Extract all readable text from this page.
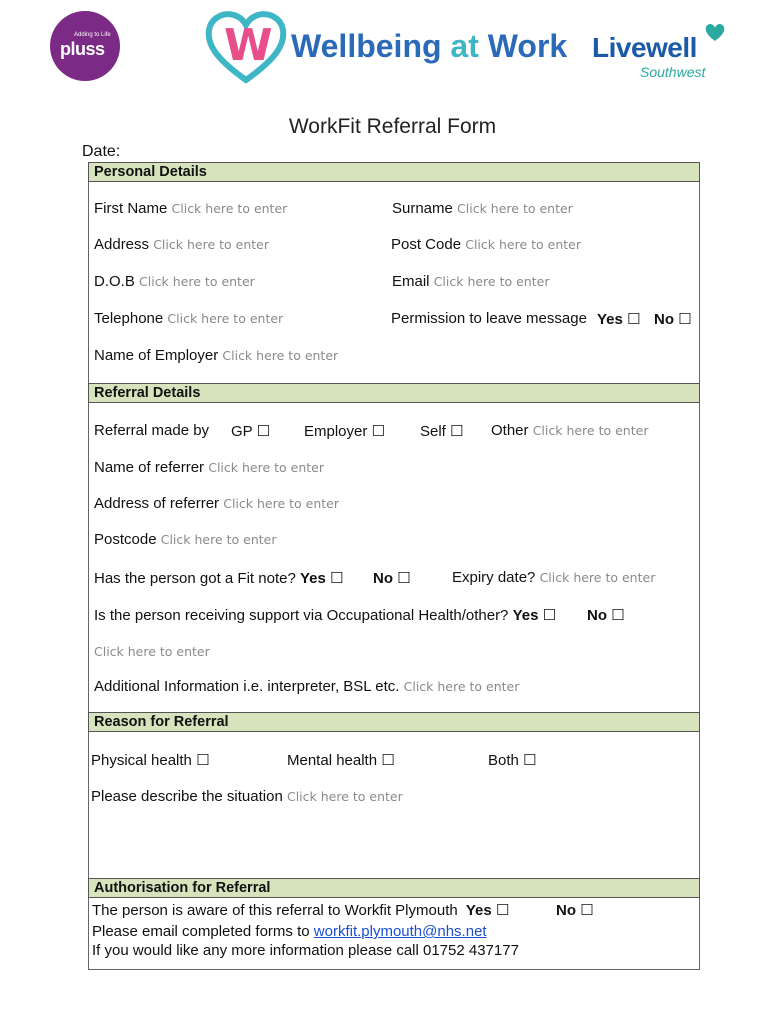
Adding to Life
pluss	W Wellbeing at Work Livewell
Southwest
WorkFit Referral Form
Date:
Personal Details
First Name Click here to enter	Surname Click here to enter
Address Click here to enter	Post Code Click here to enter
D.O.B Click here to enter	Email Click here to enter
Telephone Click here to enter	Permission to leave message Yes ☐ No ☐
Name of Employer Click here to enter
Referral Details
Referral made by GP ☐ Employer ☐ Self ☐ Other Click here to enter
Name of referrer Click here to enter
Address of referrer Click here to enter
Postcode Click here to enter
Has the person got a Fit note? Yes ☐ No ☐	Expiry date? Click here to enter
Is the person receiving support via Occupational Health/other? Yes ☐ No ☐
Click here to enter
Additional Information i.e. interpreter, BSL etc. Click here to enter
Reason for Referral
Physical health ☐	Mental health ☐	Both ☐
Please describe the situation Click here to enter
Authorisation for Referral
The person is aware of this referral to Workfit Plymouth Yes ☐	No ☐
Please email completed forms to workfit.plymouth@nhs.net
If you would like any more information please call 01752 437177
